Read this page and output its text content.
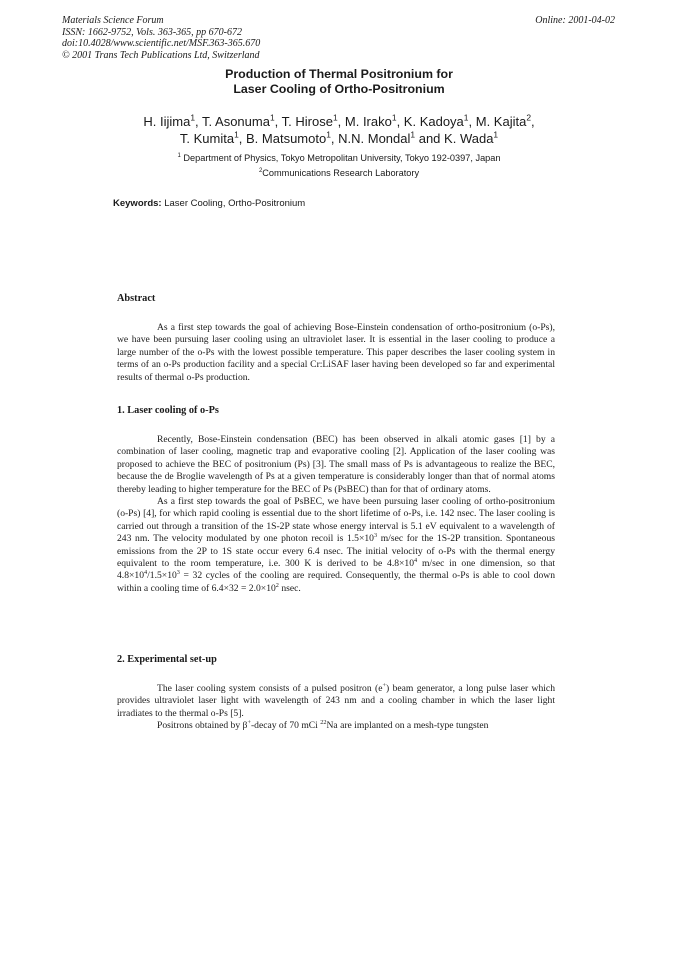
Materials Science Forum
ISSN: 1662-9752, Vols. 363-365, pp 670-672
doi:10.4028/www.scientific.net/MSF.363-365.670
© 2001 Trans Tech Publications Ltd, Switzerland
Online: 2001-04-02
Production of Thermal Positronium for
Laser Cooling of Ortho-Positronium
H. Iijima$^1$, T. Asonuma$^1$, T. Hirose$^1$, M. Irako$^1$, K. Kadoya$^1$, M. Kajita$^2$,
T. Kumita$^1$, B. Matsumoto$^1$, N.N. Mondal$^1$ and K. Wada$^1$
$^1$ Department of Physics, Tokyo Metropolitan University, Tokyo 192-0397, Japan
$^2$Communications Research Laboratory
Keywords: Laser Cooling, Ortho-Positronium
Abstract

As a first step towards the goal of achieving Bose-Einstein condensation of ortho-positronium (o-Ps), we have been pursuing laser cooling using an ultraviolet laser. It is essential in the laser cooling to produce a large number of the o-Ps with the lowest possible temperature. This paper describes the laser cooling system in terms of an o-Ps production facility and a special Cr:LiSAF laser having been developed so far and experimental results of thermal o-Ps production.

1. Laser cooling of o-Ps

Recently, Bose-Einstein condensation (BEC) has been observed in alkali atomic gases [1] by a combination of laser cooling, magnetic trap and evaporative cooling [2]. Application of the laser cooling was proposed to achieve the BEC of positronium (Ps) [3]. The small mass of Ps is advantageous to realize the BEC, because the de Broglie wavelength of Ps at a given temperature is considerably longer than that of normal atoms thereby leading to higher temperature for the BEC of Ps (PsBEC) than for that of ordinary atoms.

As a first step towards the goal of PsBEC, we have been pursuing laser cooling of ortho-positronium (o-Ps) [4], for which rapid cooling is essential due to the short lifetime of o-Ps, i.e. 142 nsec. The laser cooling is carried out through a transition of the 1S-2P state whose energy interval is 5.1 eV equivalent to a wavelength of 243 nm. The velocity modulated by one photon recoil is $1.5\times 10^3$ m/sec for the 1S-2P transition. Spontaneous emissions from the 2P to 1S state occur every 6.4 nsec. The initial velocity of o-Ps with the thermal energy equivalent to the room temperature, i.e. 300 K is derived to be $4.8\times 10^4$ m/sec in one dimension, so that $4.8\times 10^4/1.5\times 10^3 = 32$ cycles of the cooling are required. Consequently, the thermal o-Ps is able to cool down within a cooling time of $6.4\times 32 = 2.0\times 10^2$ nsec.

2. Experimental set-up

The laser cooling system consists of a pulsed positron (e+) beam generator, a long pulse laser which provides ultraviolet laser light with wavelength of 243 nm and a cooling chamber in which the laser light irradiates to the thermal o-Ps [5].

Positrons obtained by β+-decay of 70 mCi $^{22}$Na are implanted on a mesh-type tungsten
